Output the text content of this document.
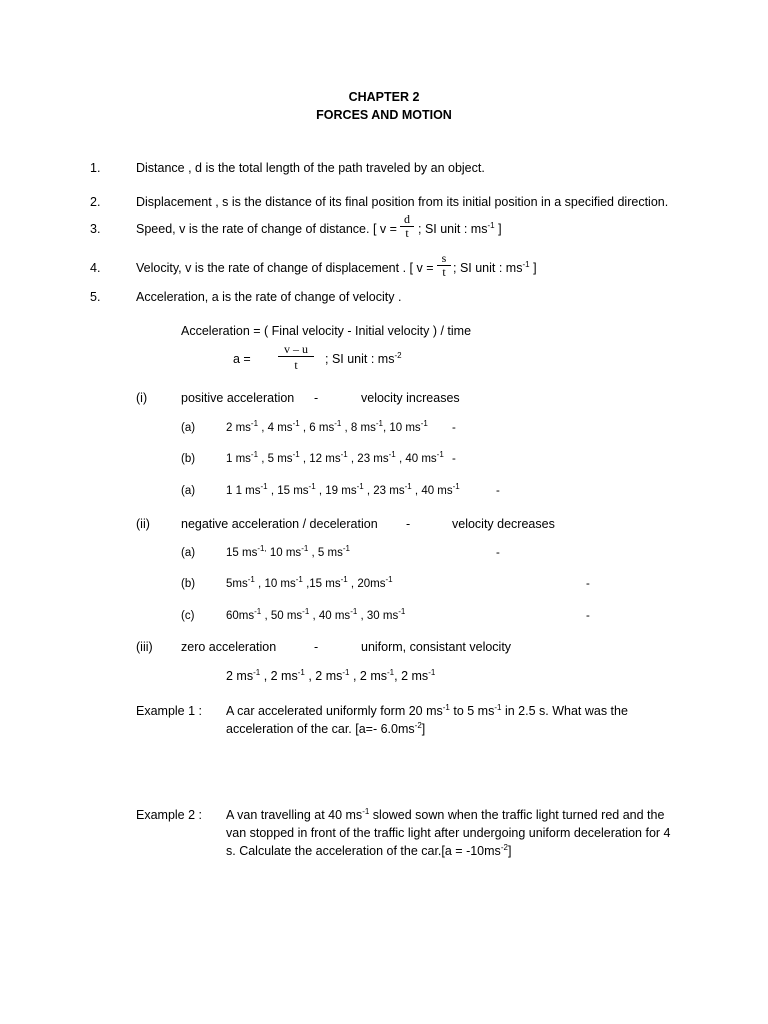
CHAPTER 2
FORCES AND MOTION
1.	Distance , d is the total length of the path traveled by an object.
2.	Displacement , s is the distance of its final position from its initial position in a specified direction.
3.	Speed, v is the rate of change of distance. [ $v = \frac{d}{t}$ ; SI unit : $ms^{-1}$ ]
4.	Velocity, v is the rate of change of displacement . [ $v = \frac{s}{t}$ ; SI unit : $ms^{-1}$ ]
5.	Acceleration, a is the rate of change of velocity .
Acceleration = ( Final velocity - Initial velocity ) / time
$a = \frac{v - u}{t}$ ; SI unit : $ms^{-2}$
(i)	positive acceleration -	velocity increases
(a)	2 $ms^{-1}$ , 4 $ms^{-1}$ , 6 $ms^{-1}$ , 8 $ms^{-1}$, 10 $ms^{-1}$ -
(b)	1 $ms^{-1}$ , 5 $ms^{-1}$ , 12 $ms^{-1}$ , 23 $ms^{-1}$ , 40 $ms^{-1}$ -
(a)	1 1 $ms^{-1}$ , 15 $ms^{-1}$ , 19 $ms^{-1}$ , 23 $ms^{-1}$ , 40 $ms^{-1}$	-
(ii) negative acceleration / deceleration -	velocity decreases
(a)	15 $ms^{-1,}$ 10 $ms^{-1}$ , 5 $ms^{-1}$	-
(b)	$5ms^{-1}$ , 10 $ms^{-1}$ ,15 $ms^{-1}$ , $20ms^{-1}$	-
(c)	$60ms^{-1}$ , 50 $ms^{-1}$ , 40 $ms^{-1}$ , 30 $ms^{-1}$	-
(iii) zero acceleration	-	uniform, consistant velocity
2 $ms^{-1}$ , 2 $ms^{-1}$ , 2 $ms^{-1}$ , 2 $ms^{-1}$, 2 $ms^{-1}$
Example 1 : A car accelerated uniformly form 20 $ms^{-1}$ to 5 $ms^{-1}$ in 2.5 s. What was the
acceleration of the car. [a=- $6.0ms^{-2}$]
Example 2 : A van travelling at 40 $ms^{-1}$ slowed sown when the traffic light turned red and the
van stopped in front of the traffic light after undergoing uniform deceleration for 4
s. Calculate the acceleration of the $car.[a = -10ms^{-2}]$
